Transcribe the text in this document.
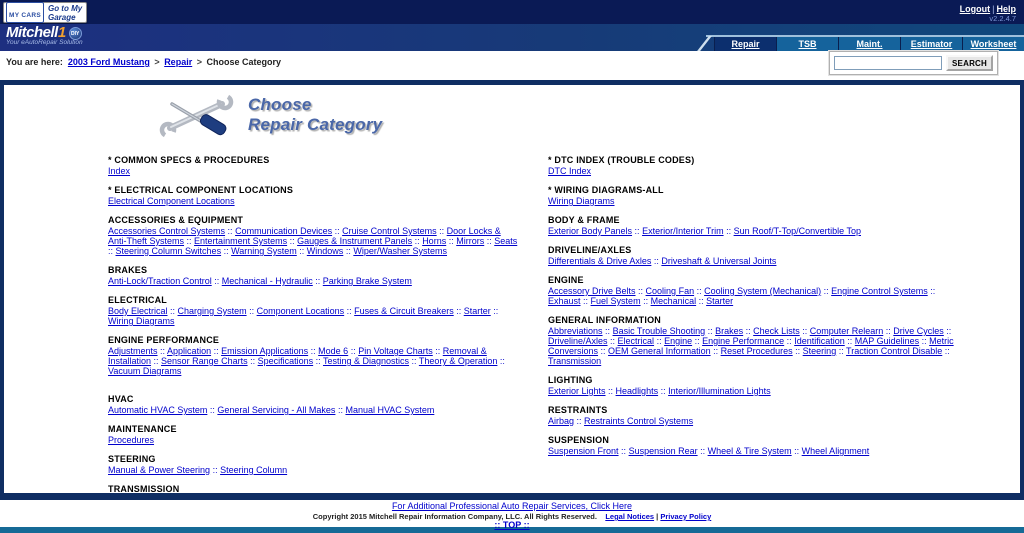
MY CARS
Go to My
Garage
Logout | Help
v2.2.4.7
Mitchell1 DIY
Your eAutoRepair Solution	Repair	TSB	Maint.	Estimator	Worksheet
You are here: 2003 Ford Mustang > Repair > Choose Category	SEARCH
Choose
Repair Category
* COMMON SPECS & PROCEDURES
Index
* ELECTRICAL COMPONENT LOCATIONS
Electrical Component Locations
ACCESSORIES & EQUIPMENT
Accessories Control Systems :: Communication Devices :: Cruise Control Systems :: Door Locks & Anti-Theft Systems :: Entertainment Systems :: Gauges & Instrument Panels :: Horns :: Mirrors :: Seats :: Steering Column Switches :: Warning System :: Windows :: Wiper/Washer Systems
BRAKES
Anti-Lock/Traction Control :: Mechanical - Hydraulic :: Parking Brake System
ELECTRICAL
Body Electrical :: Charging System :: Component Locations :: Fuses & Circuit Breakers :: Starter :: Wiring Diagrams
ENGINE PERFORMANCE
Adjustments :: Application :: Emission Applications :: Mode 6 :: Pin Voltage Charts :: Removal & Installation :: Sensor Range Charts :: Specifications :: Testing & Diagnostics :: Theory & Operation :: Vacuum Diagrams
HVAC
Automatic HVAC System :: General Servicing - All Makes :: Manual HVAC System
MAINTENANCE
Procedures
STEERING
Manual & Power Steering :: Steering Column
TRANSMISSION
Automatic Trans :: Clutches Manual & Hydraulic :: Manual Trans
* DTC INDEX (TROUBLE CODES)
DTC Index
* WIRING DIAGRAMS-ALL
Wiring Diagrams
BODY & FRAME
Exterior Body Panels :: Exterior/Interior Trim :: Sun Roof/T-Top/Convertible Top
DRIVELINE/AXLES
Differentials & Drive Axles :: Driveshaft & Universal Joints
ENGINE
Accessory Drive Belts :: Cooling Fan :: Cooling System (Mechanical) :: Engine Control Systems :: Exhaust :: Fuel System :: Mechanical :: Starter
GENERAL INFORMATION
Abbreviations :: Basic Trouble Shooting :: Brakes :: Check Lists :: Computer Relearn :: Drive Cycles :: Driveline/Axles :: Electrical :: Engine :: Engine Performance :: Identification :: MAP Guidelines :: Metric Conversions :: OEM General Information :: Reset Procedures :: Steering :: Traction Control Disable :: Transmission
LIGHTING
Exterior Lights :: Headlights :: Interior/Illumination Lights
RESTRAINTS
Airbag :: Restraints Control Systems
SUSPENSION
Suspension Front :: Suspension Rear :: Wheel & Tire System :: Wheel Alignment
For Additional Professional Auto Repair Services, Click Here
Copyright 2015 Mitchell Repair Information Company, LLC. All Rights Reserved. Legal Notices | Privacy Policy
:: TOP ::
